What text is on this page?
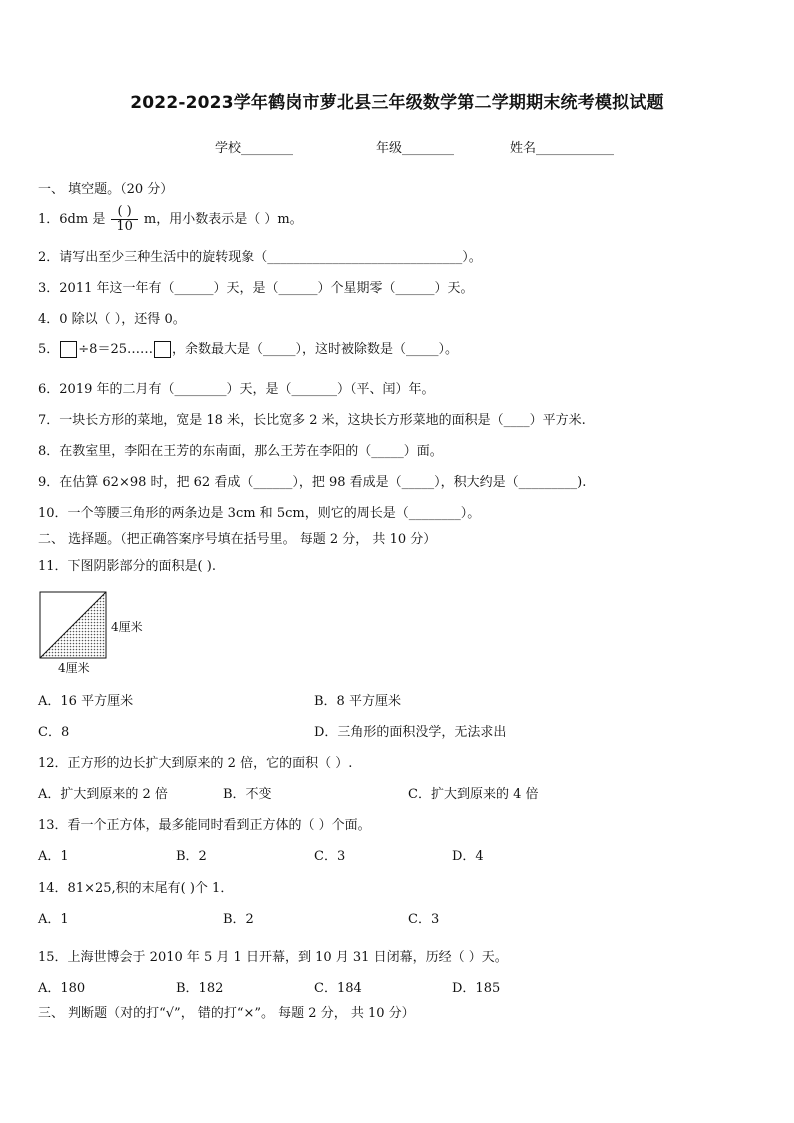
2022-2023学年鹤岗市萝北县三年级数学第二学期期末统考模拟试题
学校________	年级________	姓名____________
一、 填空题。（20 分）
1．6dm 是 $\frac{( )}{10}$ m，用小数表示是（ ）m。
2．请写出至少三种生活中的旋转现象（______________________________）。
3．2011 年这一年有（______）天，是（______）个星期零（______）天。
4．0 除以（ ），还得 0。
5． ÷8＝25…… ，余数最大是（_____），这时被除数是（_____）。
6．2019 年的二月有（________）天，是（_______）（平、闰）年。
7．一块长方形的菜地，宽是 18 米，长比宽多 2 米，这块长方形菜地的面积是（____）平方米.
8．在教室里，李阳在王芳的东南面，那么王芳在李阳的（_____）面。
9．在估算 62×98 时，把 62 看成（______），把 98 看成是（_____），积大约是（_________).
10．一个等腰三角形的两条边是 3cm 和 5cm，则它的周长是（________）。
二、 选择题。（把正确答案序号填在括号里。 每题 2 分， 共 10 分）
11．下图阴影部分的面积是( ).
4厘米
4厘米
A．16 平方厘米	B．8 平方厘米
C．8	D．三角形的面积没学，无法求出
12．正方形的边长扩大到原来的 2 倍，它的面积（ ）.
A．扩大到原来的 2 倍	B．不变	C．扩大到原来的 4 倍
13．看一个正方体，最多能同时看到正方体的（ ）个面。
A．1	B．2	C．3	D．4
14．81×25,积的末尾有( )个 1．
A．1	B．2	C．3
15．上海世博会于 2010 年 5 月 1 日开幕，到 10 月 31 日闭幕，历经（ ）天。
A．180	B．182	C．184	D．185
三、 判断题（对的打“√”， 错的打“×”。 每题 2 分， 共 10 分）
